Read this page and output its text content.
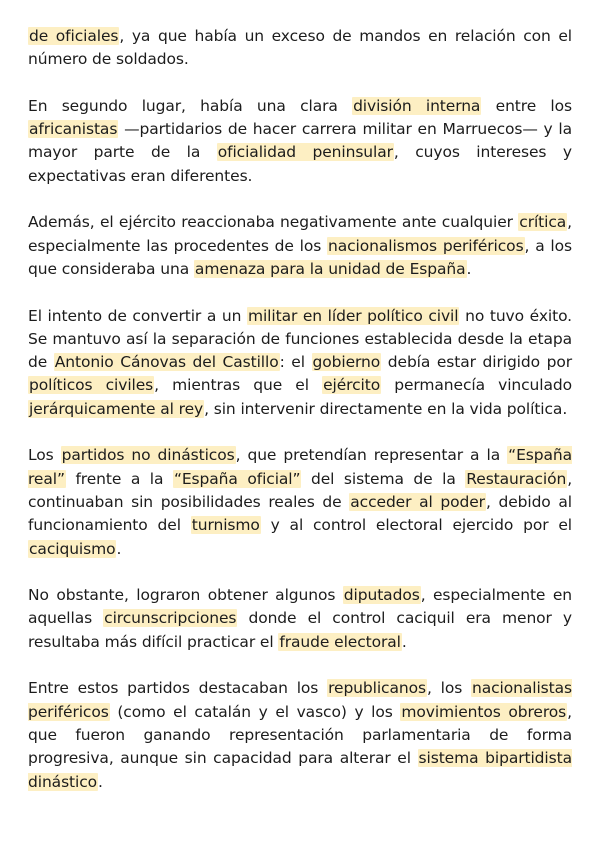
de oficiales, ya que había un exceso de mandos en relación con el número de soldados.

En segundo lugar, había una clara división interna entre los africanistas —partidarios de hacer carrera militar en Marruecos— y la mayor parte de la oficialidad peninsular, cuyos intereses y expectativas eran diferentes.

Además, el ejército reaccionaba negativamente ante cualquier crítica, especialmente las procedentes de los nacionalismos periféricos, a los que consideraba una amenaza para la unidad de España.

El intento de convertir a un militar en líder político civil no tuvo éxito. Se mantuvo así la separación de funciones establecida desde la etapa de Antonio Cánovas del Castillo: el gobierno debía estar dirigido por políticos civiles, mientras que el ejército permanecía vinculado jerárquicamente al rey, sin intervenir directamente en la vida política.

Los partidos no dinásticos, que pretendían representar a la “España real” frente a la “España oficial” del sistema de la Restauración, continuaban sin posibilidades reales de acceder al poder, debido al funcionamiento del turnismo y al control electoral ejercido por el caciquismo.

No obstante, lograron obtener algunos diputados, especialmente en aquellas circunscripciones donde el control caciquil era menor y resultaba más difícil practicar el fraude electoral.

Entre estos partidos destacaban los republicanos, los nacionalistas periféricos (como el catalán y el vasco) y los movimientos obreros, que fueron ganando representación parlamentaria de forma progresiva, aunque sin capacidad para alterar el sistema bipartidista dinástico.
